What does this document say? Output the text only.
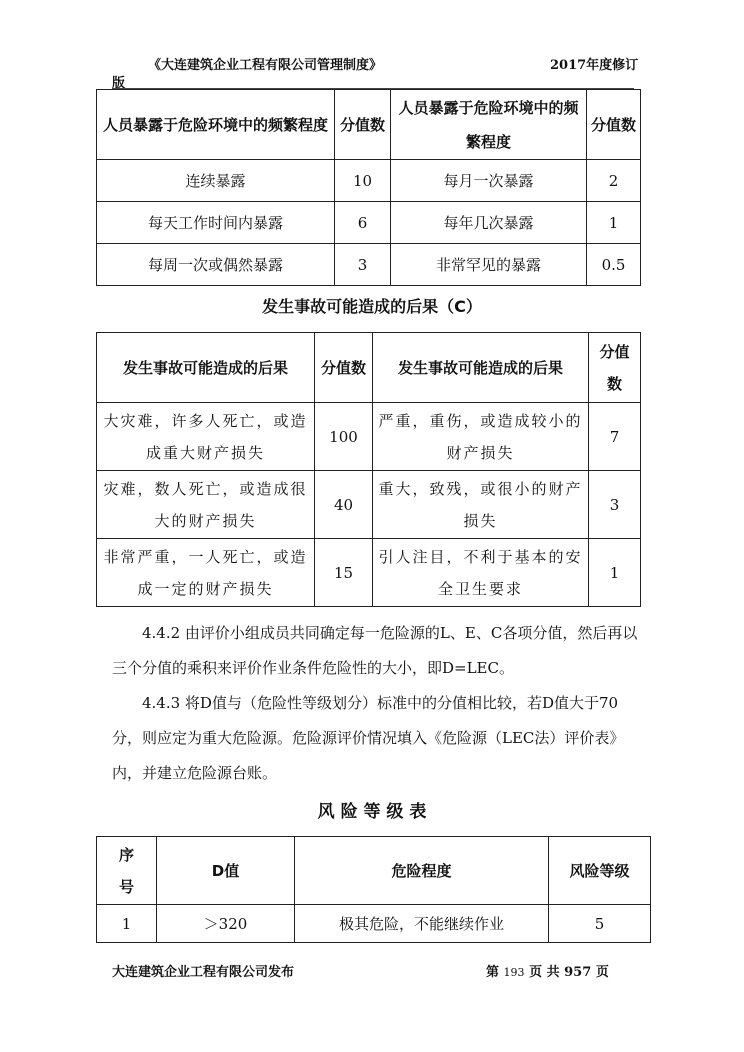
《大连建筑企业工程有限公司管理制度》	2017年度修订
版
人员暴露于危险环境中的频繁程度	分值数	人员暴露于危险环境中的频繁程度	分值数
连续暴露	10	每月一次暴露	2
每天工作时间内暴露	6	每年几次暴露	1
每周一次或偶然暴露	3	非常罕见的暴露	0.5
发生事故可能造成的后果（C）
发生事故可能造成的后果	分值数	发生事故可能造成的后果	分值数
大灾难，许多人死亡，或造成重大财产损失	100	严重，重伤，或造成较小的财产损失	7
灾难，数人死亡，或造成很大的财产损失	40	重大，致残，或很小的财产损失	3
非常严重，一人死亡，或造成一定的财产损失	15	引人注目，不利于基本的安全卫生要求	1

4.4.2 由评价小组成员共同确定每一危险源的L、E、C各项分值，然后再以三个分值的乘积来评价作业条件危险性的大小，即D=LEC。

4.4.3 将D值与（危险性等级划分）标准中的分值相比较，若D值大于70分，则应定为重大危险源。危险源评价情况填入《危险源（LEC法）评价表》内，并建立危险源台账。

风 险 等 级 表
序号	D值	危险程度	风险等级
1	＞320	极其危险，不能继续作业	5
大连建筑企业工程有限公司发布	第 193 页 共 957 页
